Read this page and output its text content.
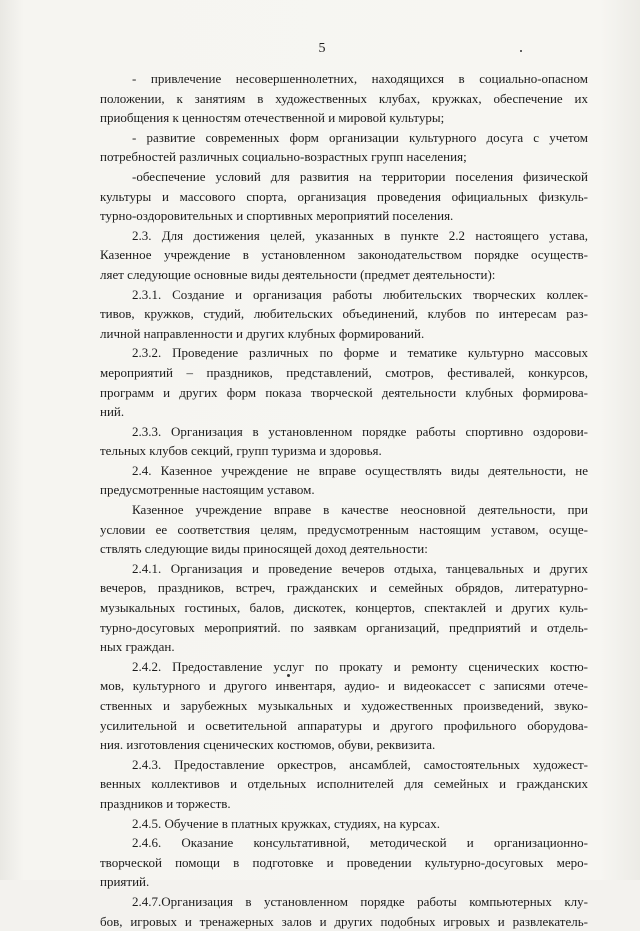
5
- привлечение несовершеннолетних, находящихся в социально-опасном
положении, к занятиям в художественных клубах, кружках, обеспечение их
приобщения к ценностям отечественной и мировой культуры;
- развитие современных форм организации культурного досуга с учетом
потребностей различных социально-возрастных групп населения;
-обеспечение условий для развития на территории поселения физической
культуры и массового спорта, организация проведения официальных физкуль-
турно-оздоровительных и спортивных мероприятий поселения.
2.3. Для достижения целей, указанных в пункте 2.2 настоящего устава,
Казенное учреждение в установленном законодательством порядке осуществ-
ляет следующие основные виды деятельности (предмет деятельности):
2.3.1. Создание и организация работы любительских творческих коллек-
тивов, кружков, студий, любительских объединений, клубов по интересам раз-
личной направленности и других клубных формирований.
2.3.2. Проведение различных по форме и тематике культурно массовых
мероприятий – праздников, представлений, смотров, фестивалей, конкурсов,
программ и других форм показа творческой деятельности клубных формирова-
ний.
2.3.3. Организация в установленном порядке работы спортивно оздорови-
тельных клубов секций, групп туризма и здоровья.
2.4. Казенное учреждение не вправе осуществлять виды деятельности, не
предусмотренные настоящим уставом.
Казенное учреждение вправе в качестве неосновной деятельности, при
условии ее соответствия целям, предусмотренным настоящим уставом, осуще-
ствлять следующие виды приносящей доход деятельности:
2.4.1. Организация и проведение вечеров отдыха, танцевальных и других
вечеров, праздников, встреч, гражданских и семейных обрядов, литературно-
музыкальных гостиных, балов, дискотек, концертов, спектаклей и других куль-
турно-досуговых мероприятий. по заявкам организаций, предприятий и отдель-
ных граждан.
2.4.2. Предоставление услуг по прокату и ремонту сценических костю-
мов, культурного и другого инвентаря, аудио- и видеокассет с записями отече-
ственных и зарубежных музыкальных и художественных произведений, звуко-
усилительной и осветительной аппаратуры и другого профильного оборудова-
ния. изготовления сценических костюмов, обуви, реквизита.
2.4.3. Предоставление оркестров, ансамблей, самостоятельных художест-
венных коллективов и отдельных исполнителей для семейных и гражданских
праздников и торжеств.
2.4.5. Обучение в платных кружках, студиях, на курсах.
2.4.6. Оказание консультативной, методической и организационно-
творческой помощи в подготовке и проведении культурно-досуговых меро-
приятий.
2.4.7.Организация в установленном порядке работы компьютерных клу-
бов, игровых и тренажерных залов и других подобных игровых и развлекатель-
